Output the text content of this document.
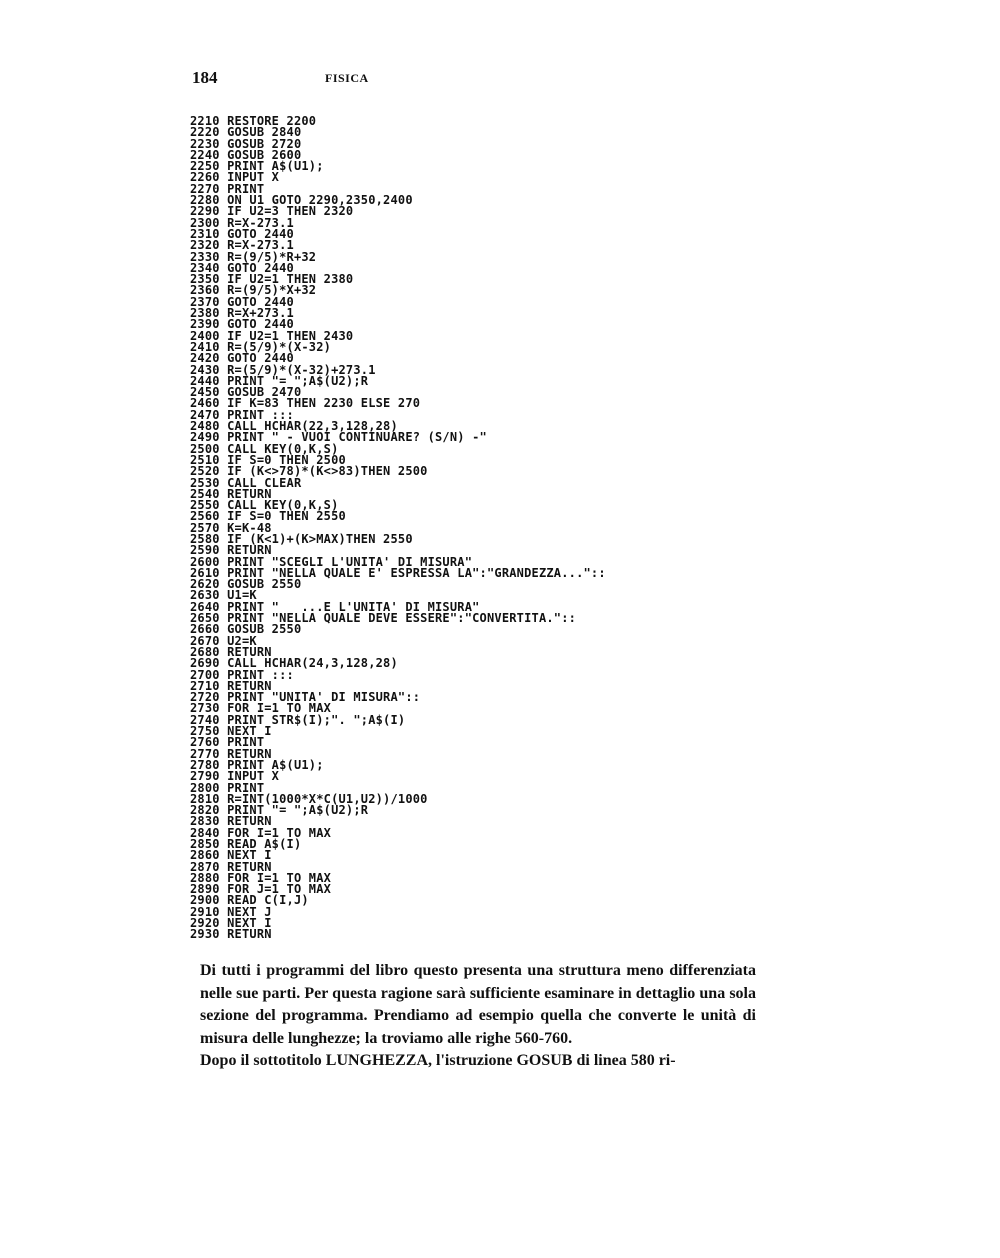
184	FISICA
2210 RESTORE 2200
2220 GOSUB 2840
2230 GOSUB 2720
2240 GOSUB 2600
2250 PRINT A$(U1);
2260 INPUT X
2270 PRINT
2280 ON U1 GOTO 2290,2350,2400
2290 IF U2=3 THEN 2320
2300 R=X-273.1
2310 GOTO 2440
2320 R=X-273.1
2330 R=(9/5)*R+32
2340 GOTO 2440
2350 IF U2=1 THEN 2380
2360 R=(9/5)*X+32
2370 GOTO 2440
2380 R=X+273.1
2390 GOTO 2440
2400 IF U2=1 THEN 2430
2410 R=(5/9)*(X-32)
2420 GOTO 2440
2430 R=(5/9)*(X-32)+273.1
2440 PRINT "= ";A$(U2);R
2450 GOSUB 2470
2460 IF K=83 THEN 2230 ELSE 270
2470 PRINT :::
2480 CALL HCHAR(22,3,128,28)
2490 PRINT " - VUOI CONTINUARE? (S/N) -"
2500 CALL KEY(0,K,S)
2510 IF S=0 THEN 2500
2520 IF (K<>78)*(K<>83)THEN 2500
2530 CALL CLEAR
2540 RETURN
2550 CALL KEY(0,K,S)
2560 IF S=0 THEN 2550
2570 K=K-48
2580 IF (K<1)+(K>MAX)THEN 2550
2590 RETURN
2600 PRINT "SCEGLI L'UNITA' DI MISURA"
2610 PRINT "NELLA QUALE E' ESPRESSA LA":"GRANDEZZA..."::
2620 GOSUB 2550
2630 U1=K
2640 PRINT "   ...E L'UNITA' DI MISURA"
2650 PRINT "NELLA QUALE DEVE ESSERE":"CONVERTITA."::
2660 GOSUB 2550
2670 U2=K
2680 RETURN
2690 CALL HCHAR(24,3,128,28)
2700 PRINT :::
2710 RETURN
2720 PRINT "UNITA' DI MISURA"::
2730 FOR I=1 TO MAX
2740 PRINT STR$(I);". ";A$(I)
2750 NEXT I
2760 PRINT
2770 RETURN
2780 PRINT A$(U1);
2790 INPUT X
2800 PRINT
2810 R=INT(1000*X*C(U1,U2))/1000
2820 PRINT "= ";A$(U2);R
2830 RETURN
2840 FOR I=1 TO MAX
2850 READ A$(I)
2860 NEXT I
2870 RETURN
2880 FOR I=1 TO MAX
2890 FOR J=1 TO MAX
2900 READ C(I,J)
2910 NEXT J
2920 NEXT I
2930 RETURN

Di tutti i programmi del libro questo presenta una struttura meno differenziata nelle sue parti. Per questa ragione sarà sufficiente esaminare in dettaglio una sola sezione del programma. Prendiamo ad esempio quella che converte le unità di misura delle lunghezze; la troviamo alle righe 560-760.

Dopo il sottotitolo LUNGHEZZA, l'istruzione GOSUB di linea 580 ri-
